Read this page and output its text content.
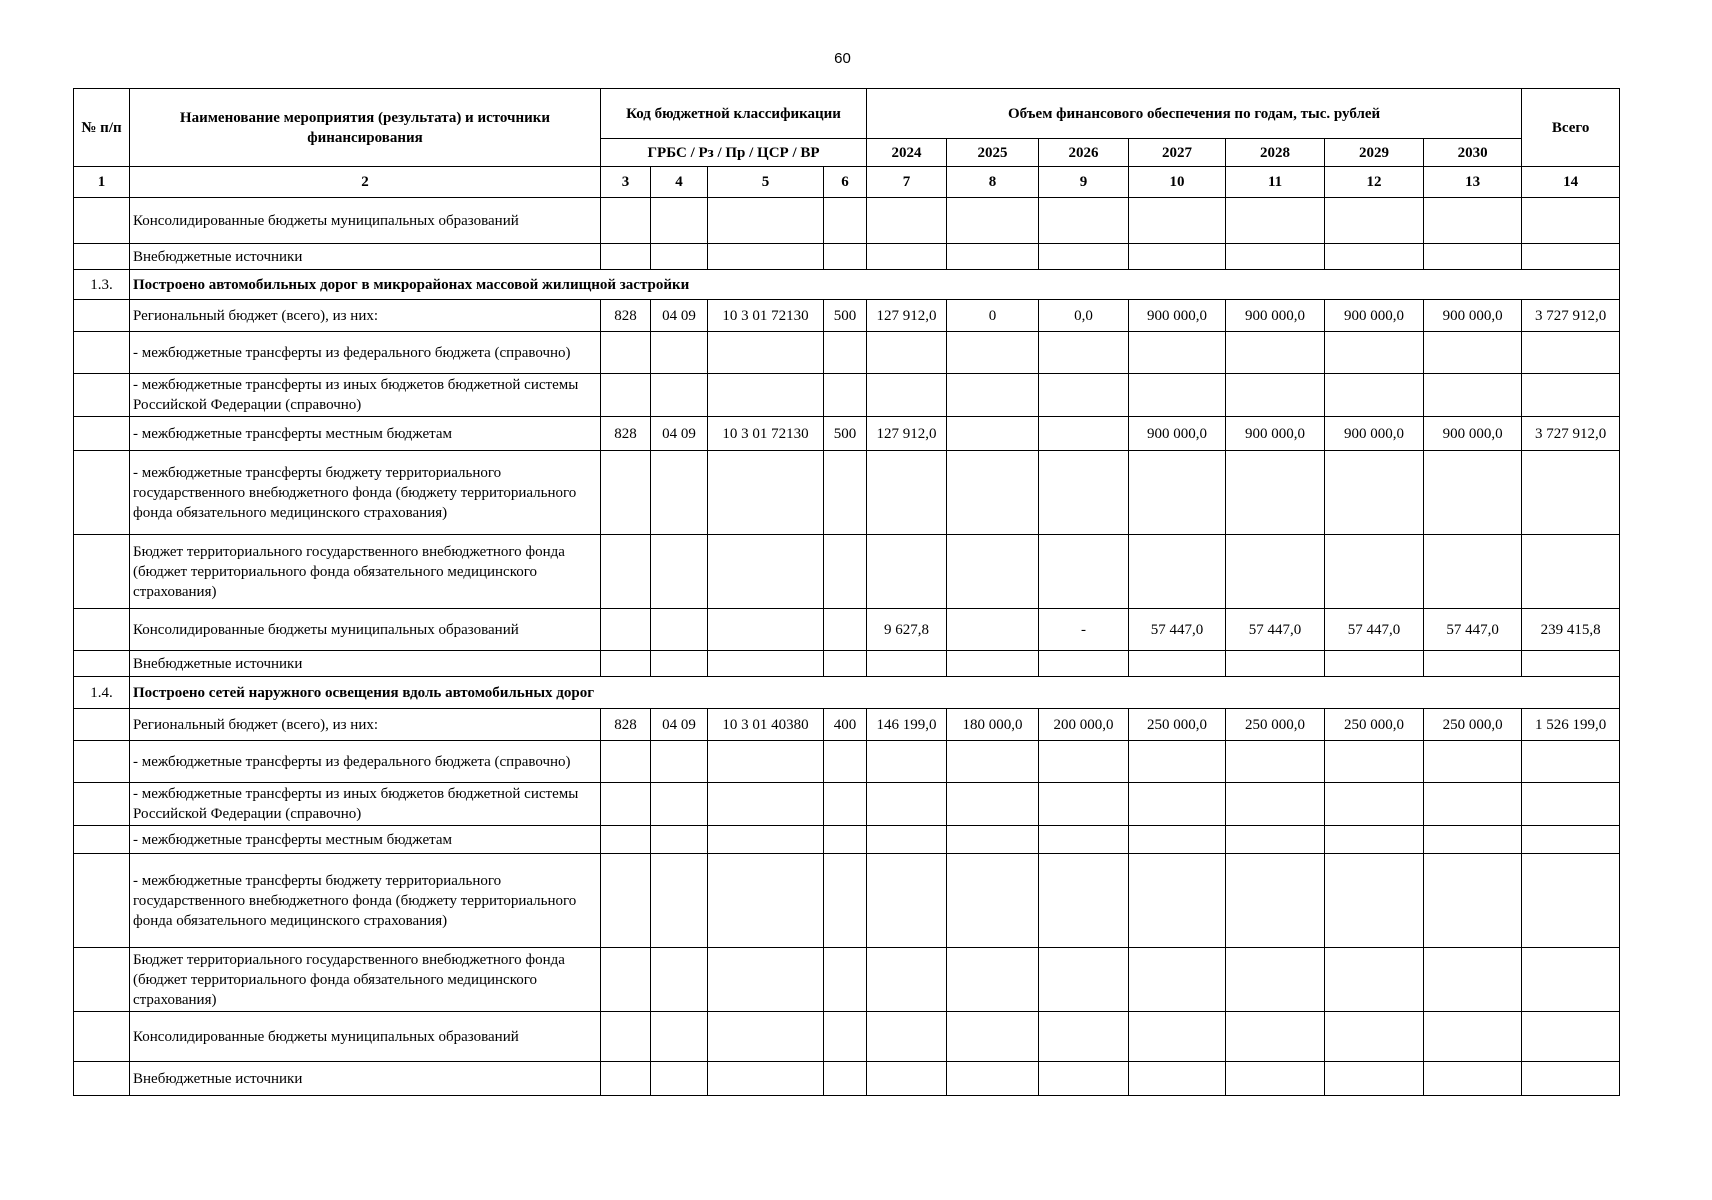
60
№ п/п	Наименование мероприятия (результата) и источники финансирования	Код бюджетной классификации				Объем финансового обеспечения по годам, тыс. рублей							Всего
		ГРБС / Рз / Пр / ЦСР / ВР				2024	2025	2026	2027	2028	2029	2030	
1	2	3	4	5	6	7	8	9	10	11	12	13	14
	Консолидированные бюджеты муниципальных образований												
	Внебюджетные источники												
1.3.	Построено автомобильных дорог в микрорайонах массовой жилищной застройки												
	Региональный бюджет (всего), из них:	828	04 09	10 3 01 72130	500	127 912,0	0	0,0	900 000,0	900 000,0	900 000,0	900 000,0	3 727 912,0
	- межбюджетные трансферты из федерального бюджета (справочно)												
	- межбюджетные трансферты из иных бюджетов бюджетной системы Российской Федерации (справочно)												
	- межбюджетные трансферты местным бюджетам	828	04 09	10 3 01 72130	500	127 912,0			900 000,0	900 000,0	900 000,0	900 000,0	3 727 912,0
	- межбюджетные трансферты бюджету территориального государственного внебюджетного фонда (бюджету территориального фонда обязательного медицинского страхования)												
	Бюджет территориального государственного внебюджетного фонда (бюджет территориального фонда обязательного медицинского страхования)												
	Консолидированные бюджеты муниципальных образований					9 627,8		-	57 447,0	57 447,0	57 447,0	57 447,0	239 415,8
	Внебюджетные источники												
1.4.	Построено сетей наружного освещения вдоль автомобильных дорог												
	Региональный бюджет (всего), из них:	828	04 09	10 3 01 40380	400	146 199,0	180 000,0	200 000,0	250 000,0	250 000,0	250 000,0	250 000,0	1 526 199,0
	- межбюджетные трансферты из федерального бюджета (справочно)												
	- межбюджетные трансферты из иных бюджетов бюджетной системы Российской Федерации (справочно)												
	- межбюджетные трансферты местным бюджетам												
	- межбюджетные трансферты бюджету территориального государственного внебюджетного фонда (бюджету территориального фонда обязательного медицинского страхования)												
	Бюджет территориального государственного внебюджетного фонда (бюджет территориального фонда обязательного медицинского страхования)												
	Консолидированные бюджеты муниципальных образований												
	Внебюджетные источники												
